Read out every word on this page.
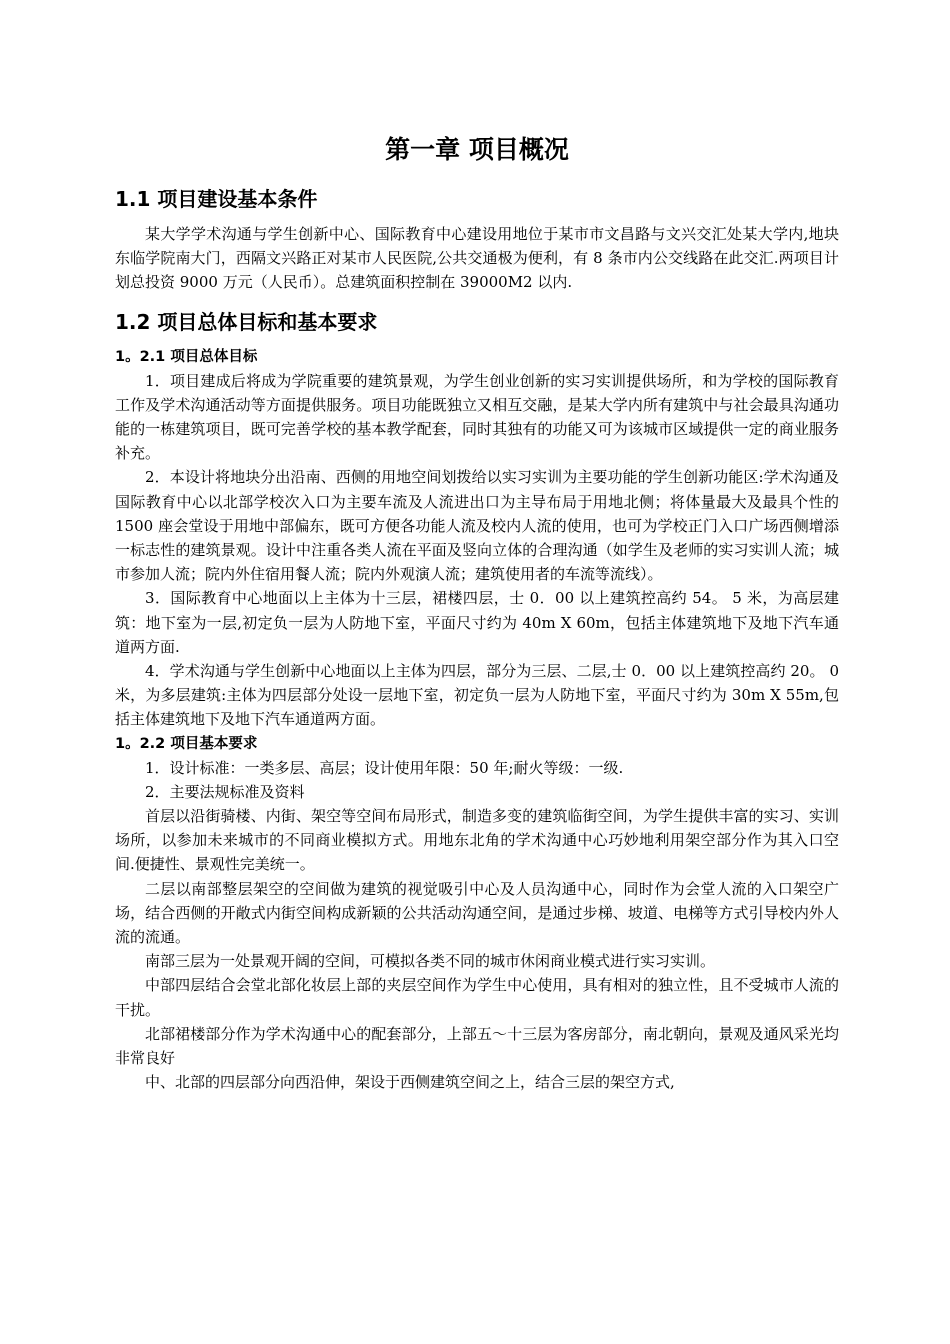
第一章 项目概况
1.1 项目建设基本条件

某大学学术沟通与学生创新中心、国际教育中心建设用地位于某市市文昌路与文兴交汇处某大学内,地块东临学院南大门，西隔文兴路正对某市人民医院,公共交通极为便利，有 8 条市内公交线路在此交汇.两项目计划总投资 9000 万元（人民币）。总建筑面积控制在 39000M2 以内.

1.2 项目总体目标和基本要求
1。2.1 项目总体目标

1．项目建成后将成为学院重要的建筑景观，为学生创业创新的实习实训提供场所，和为学校的国际教育工作及学术沟通活动等方面提供服务。项目功能既独立又相互交融，是某大学内所有建筑中与社会最具沟通功能的一栋建筑项目，既可完善学校的基本教学配套，同时其独有的功能又可为该城市区域提供一定的商业服务补充。

2．本设计将地块分出沿南、西侧的用地空间划拨给以实习实训为主要功能的学生创新功能区:学术沟通及国际教育中心以北部学校次入口为主要车流及人流进出口为主导布局于用地北侧；将体量最大及最具个性的 1500 座会堂设于用地中部偏东，既可方便各功能人流及校内人流的使用，也可为学校正门入口广场西侧增添一标志性的建筑景观。设计中注重各类人流在平面及竖向立体的合理沟通（如学生及老师的实习实训人流；城市参加人流；院内外住宿用餐人流；院内外观演人流；建筑使用者的车流等流线）。

3．国际教育中心地面以上主体为十三层，裙楼四层，士 0．00 以上建筑控高约 54。 5 米，为高层建筑：地下室为一层,初定负一层为人防地下室，平面尺寸约为 40m X 60m，包括主体建筑地下及地下汽车通道两方面.

4．学术沟通与学生创新中心地面以上主体为四层，部分为三层、二层,士 0．00 以上建筑控高约 20。 0 米，为多层建筑:主体为四层部分处设一层地下室，初定负一层为人防地下室，平面尺寸约为 30m X 55m,包括主体建筑地下及地下汽车通道两方面。

1。2.2 项目基本要求

1．设计标准：一类多层、高层；设计使用年限：50 年;耐火等级：一级.

2．主要法规标准及资料

首层以沿街骑楼、内街、架空等空间布局形式，制造多变的建筑临街空间，为学生提供丰富的实习、实训场所，以参加未来城市的不同商业模拟方式。用地东北角的学术沟通中心巧妙地利用架空部分作为其入口空间.便捷性、景观性完美统一。

二层以南部整层架空的空间做为建筑的视觉吸引中心及人员沟通中心，同时作为会堂人流的入口架空广场，结合西侧的开敞式内街空间构成新颖的公共活动沟通空间，是通过步梯、坡道、电梯等方式引导校内外人流的流通。

南部三层为一处景观开阔的空间，可模拟各类不同的城市休闲商业模式进行实习实训。

中部四层结合会堂北部化妆层上部的夹层空间作为学生中心使用，具有相对的独立性，且不受城市人流的干扰。

北部裙楼部分作为学术沟通中心的配套部分，上部五～十三层为客房部分，南北朝向，景观及通风采光均非常良好

中、北部的四层部分向西沿伸，架设于西侧建筑空间之上，结合三层的架空方式,
